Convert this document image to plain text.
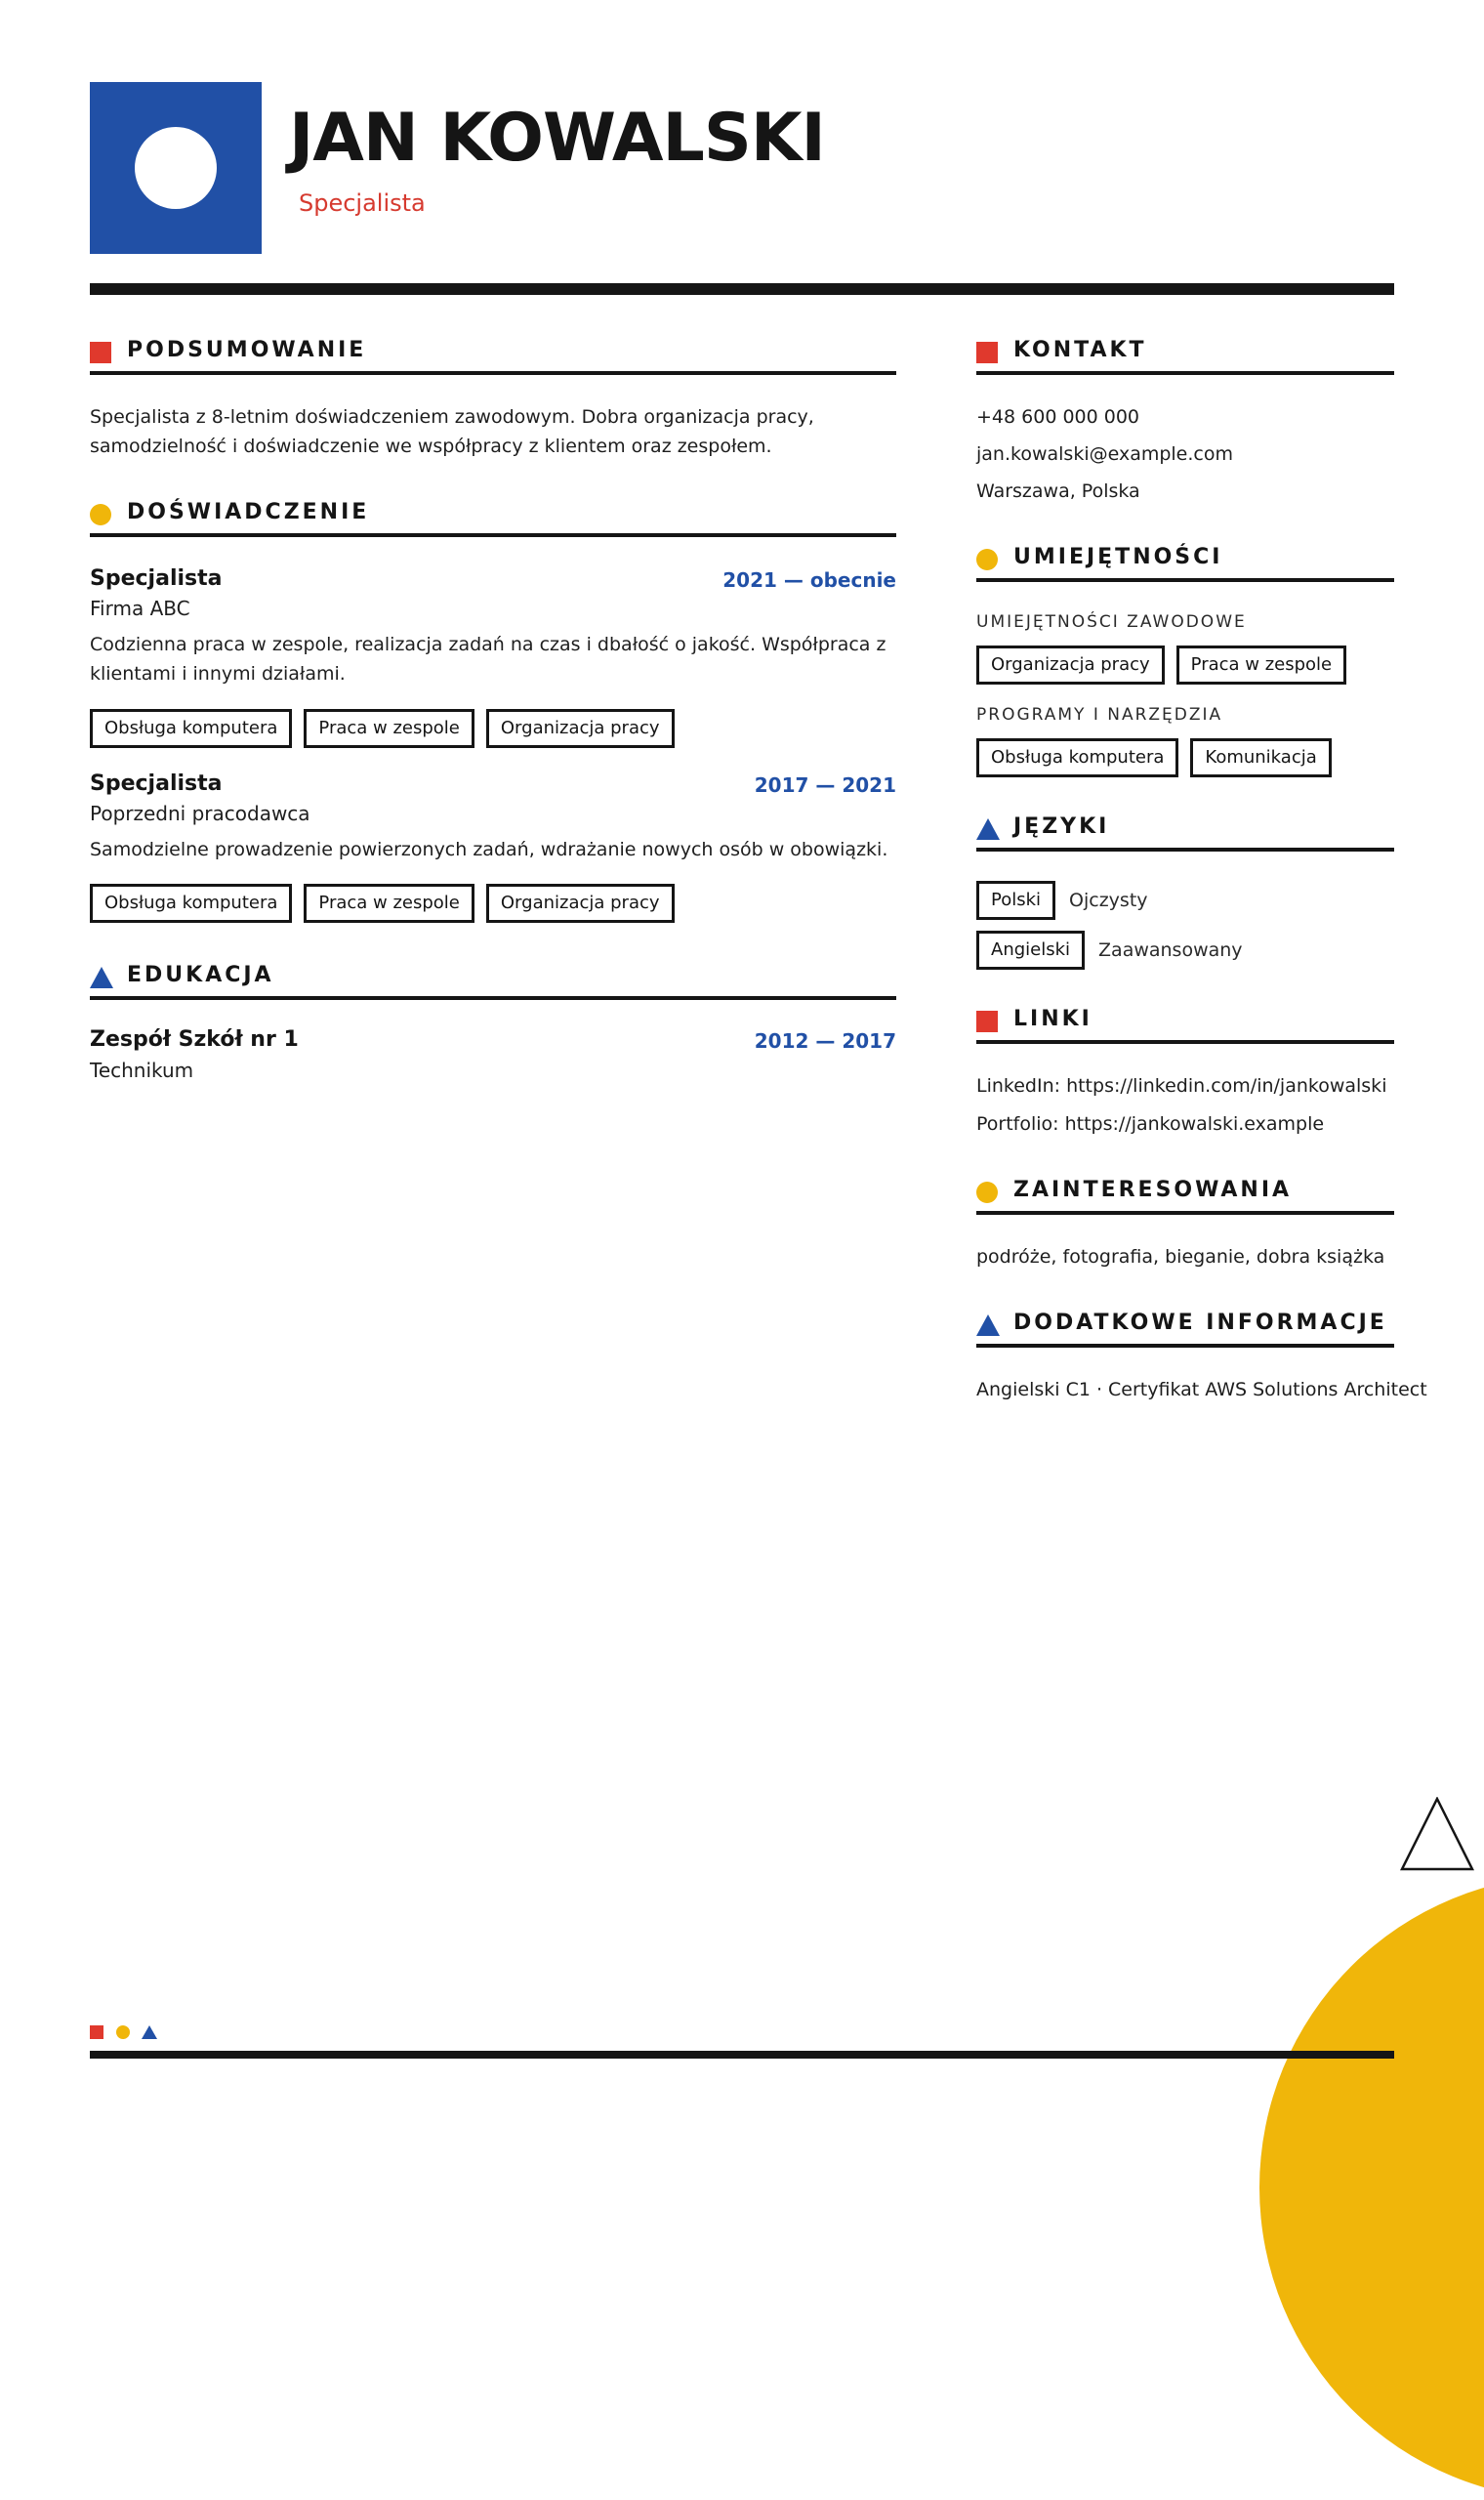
JAN KOWALSKI
Specjalista
PODSUMOWANIE
Specjalista z 8-letnim doświadczeniem zawodowym. Dobra organizacja pracy, samodzielność i doświadczenie we współpracy z klientem oraz zespołem.
DOŚWIADCZENIE
Specjalista	2021 — obecnie
Firma ABC
Codzienna praca w zespole, realizacja zadań na czas i dbałość o jakość. Współpraca z klientami i innymi działami.
Obsługa komputera	Praca w zespole	Organizacja pracy
Specjalista	2017 — 2021
Poprzedni pracodawca
Samodzielne prowadzenie powierzonych zadań, wdrażanie nowych osób w obowiązki.
Obsługa komputera	Praca w zespole	Organizacja pracy
EDUKACJA
Zespół Szkół nr 1	2012 — 2017
Technikum
KONTAKT
+48 600 000 000
jan.kowalski@example.com
Warszawa, Polska
UMIEJĘTNOŚCI
UMIEJĘTNOŚCI ZAWODOWE
Organizacja pracy	Praca w zespole
PROGRAMY I NARZĘDZIA
Obsługa komputera	Komunikacja
JĘZYKI
Polski	Ojczysty
Angielski	Zaawansowany
LINKI
LinkedIn: https://linkedin.com/in/jankowalski
Portfolio: https://jankowalski.example
ZAINTERESOWANIA
podróże, fotografia, bieganie, dobra książka
DODATKOWE INFORMACJE
Angielski C1 · Certyfikat AWS Solutions Architect
